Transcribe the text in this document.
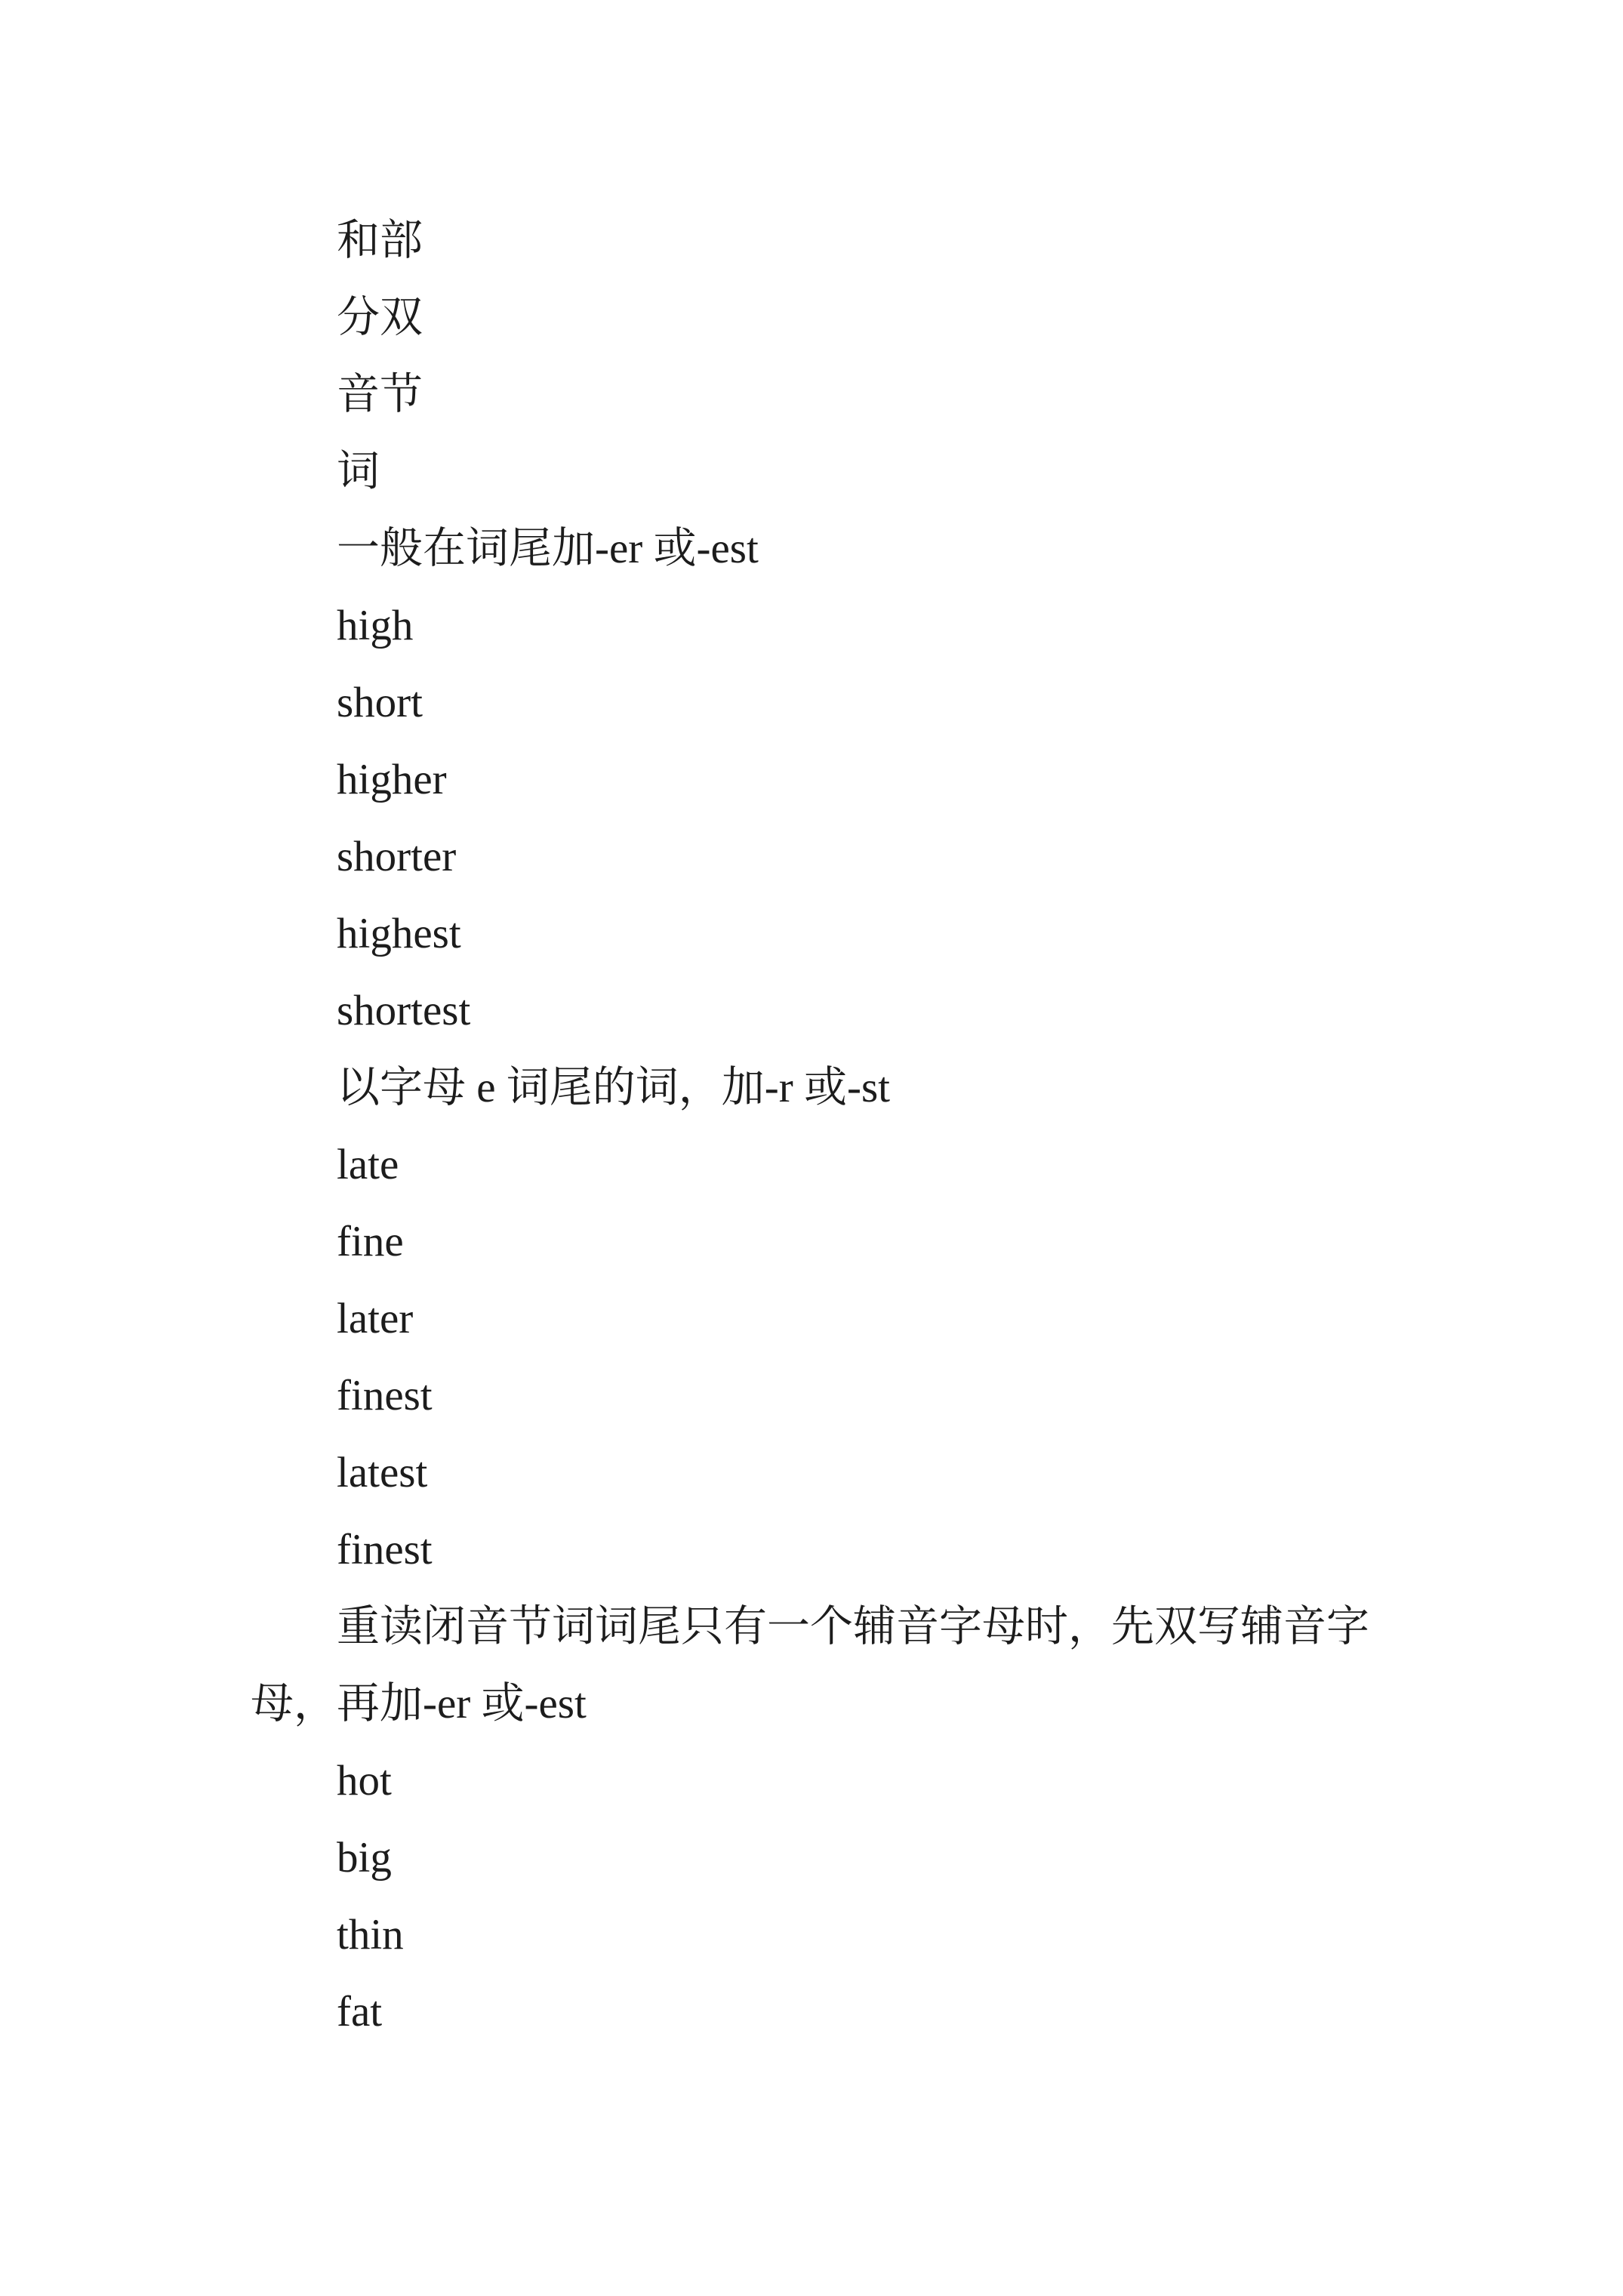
和部

分双

音节

词

一般在词尾加-er 或-est

high

short

higher

shorter

highest

shortest

以字母 e 词尾的词，加-r 或-st

late

fine

later

finest

latest

finest

重读闭音节词词尾只有一个辅音字母时，先双写辅音字母，再加-er 或-est

hot

big

thin

fat
